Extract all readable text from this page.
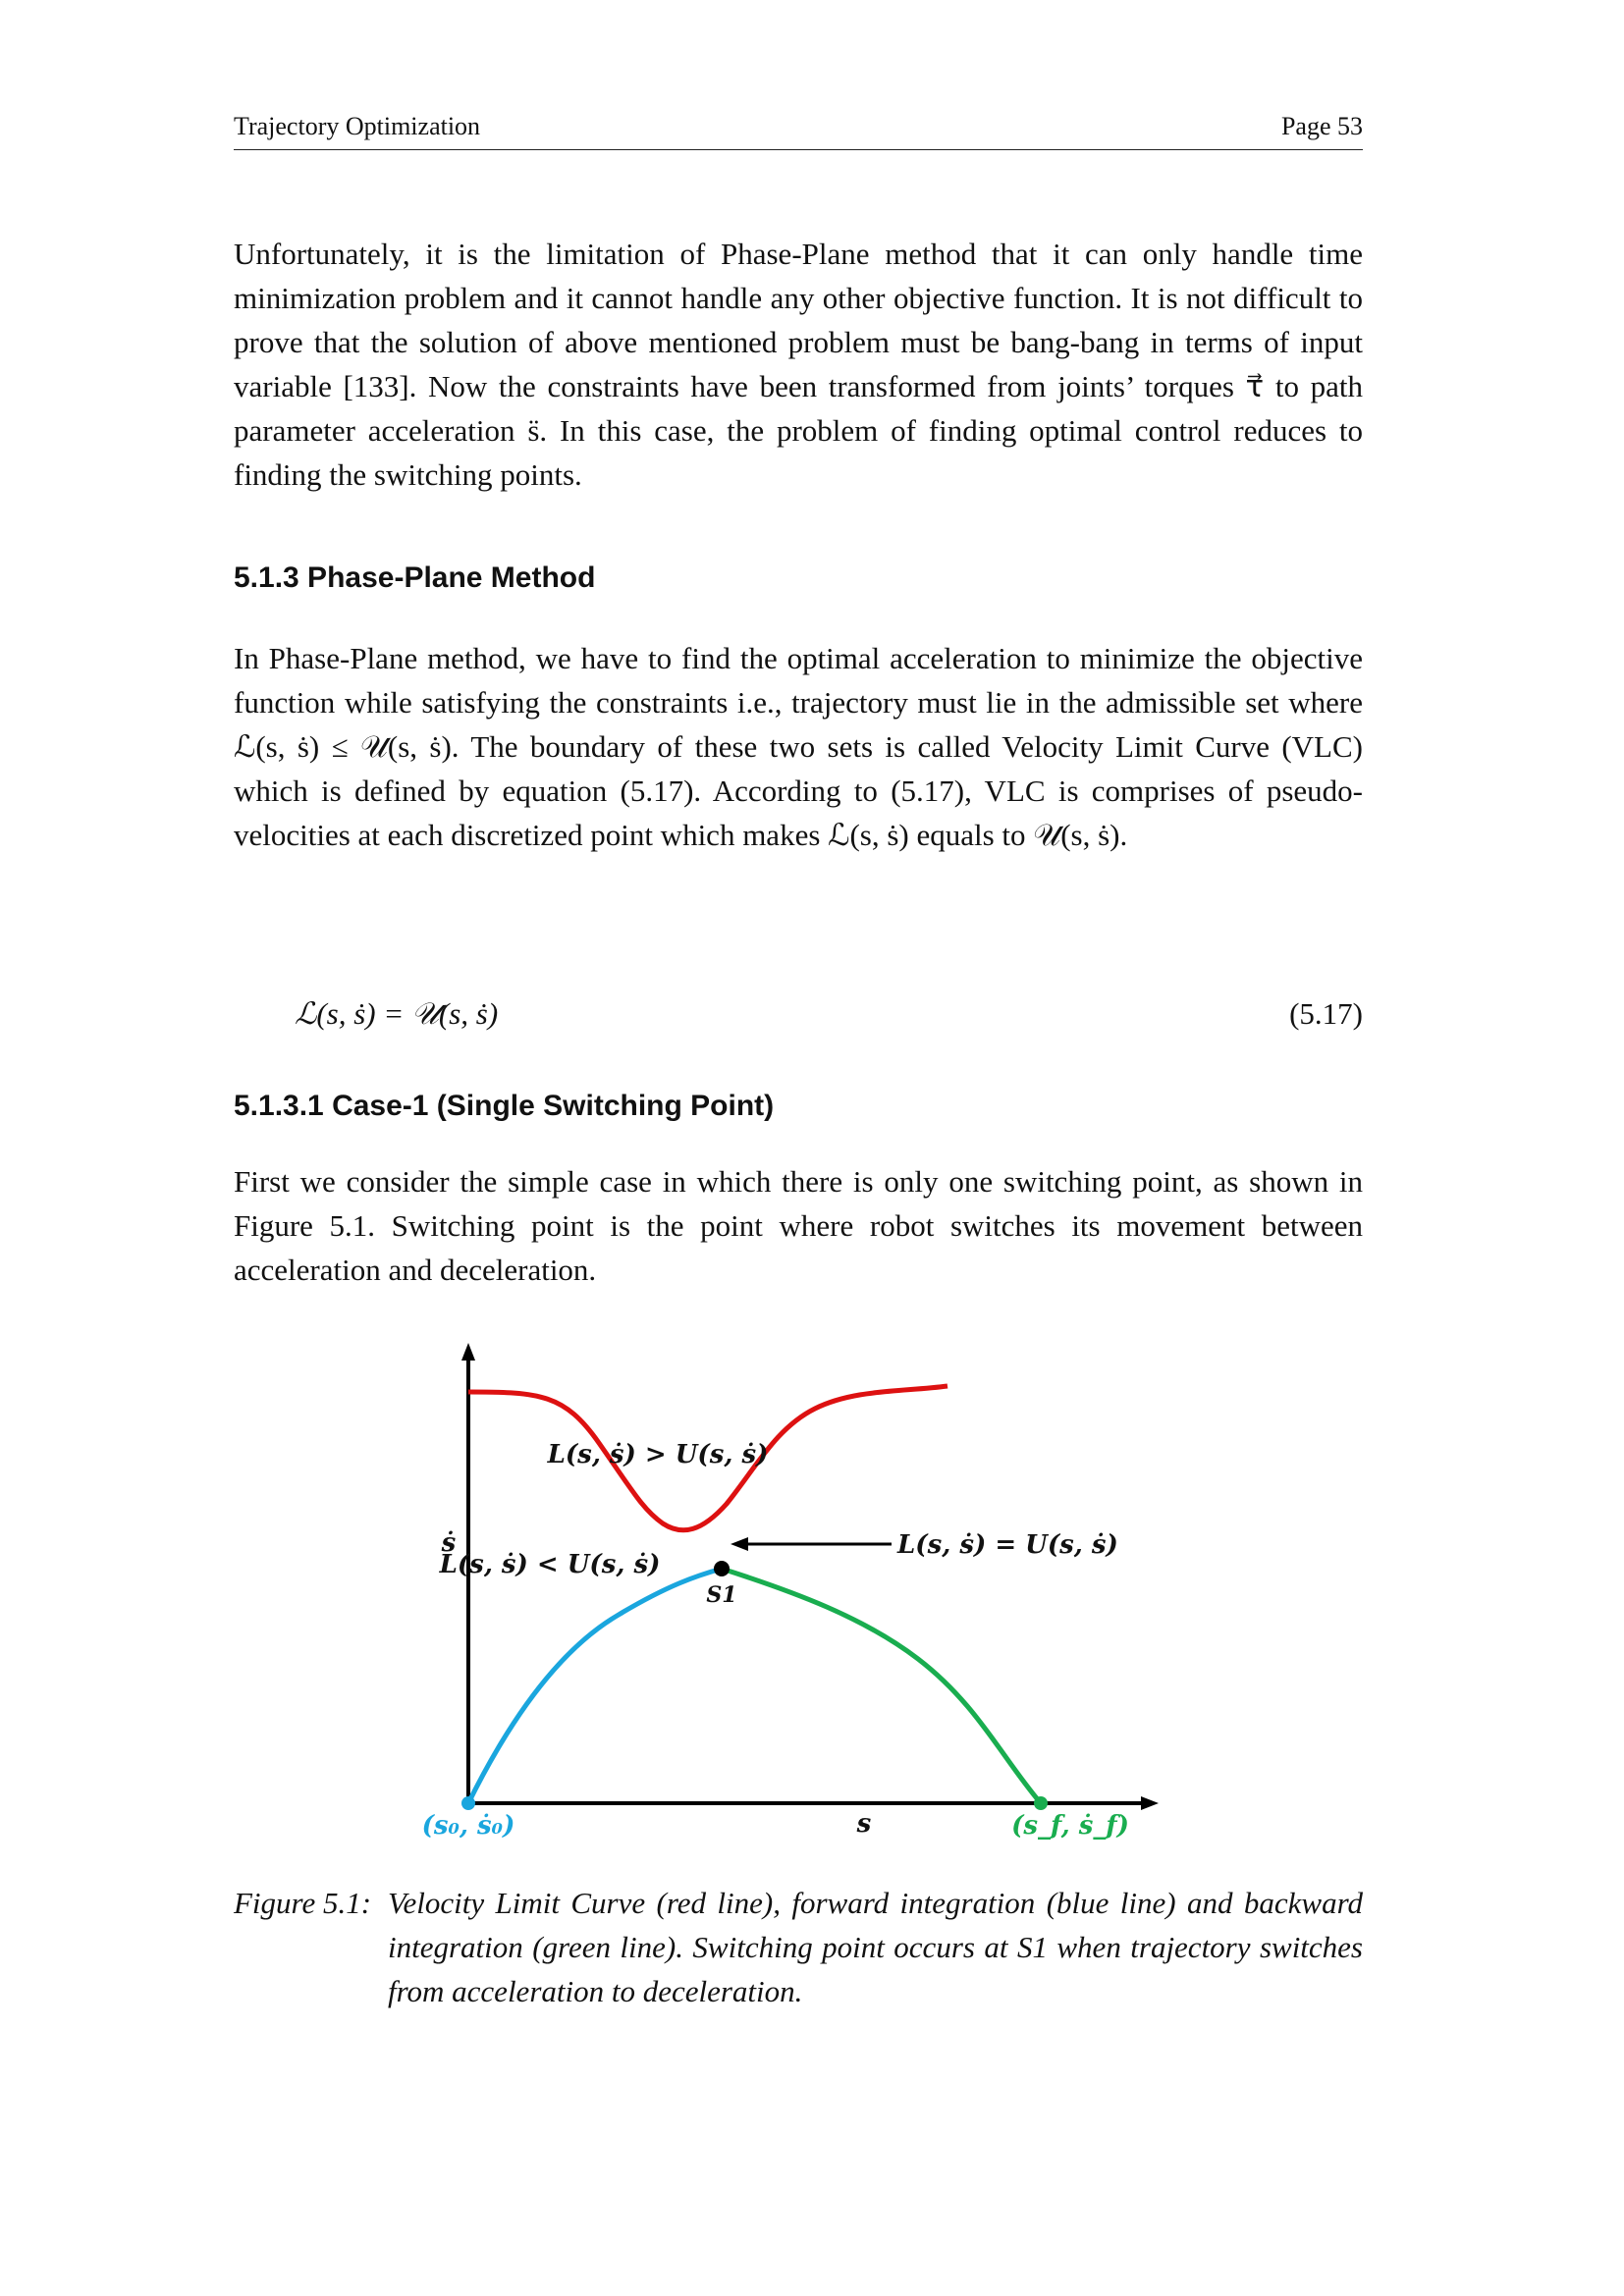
Trajectory Optimization	Page 53

Unfortunately, it is the limitation of Phase-Plane method that it can only handle time minimization problem and it cannot handle any other objective function. It is not difficult to prove that the solution of above mentioned problem must be bang-bang in terms of input variable [133]. Now the constraints have been transformed from joints’ torques τ⃗ to path parameter acceleration s̈. In this case, the problem of finding optimal control reduces to finding the switching points.

5.1.3 Phase-Plane Method

In Phase-Plane method, we have to find the optimal acceleration to minimize the objective function while satisfying the constraints i.e., trajectory must lie in the admissible set where ℒ(s, ṡ) ≤ 𝒰(s, ṡ). The boundary of these two sets is called Velocity Limit Curve (VLC) which is defined by equation (5.17). According to (5.17), VLC is comprises of pseudo-velocities at each discretized point which makes ℒ(s, ṡ) equals to 𝒰(s, ṡ).

ℒ(s, ṡ) = 𝒰(s, ṡ)	(5.17)
5.1.3.1 Case-1 (Single Switching Point)

First we consider the simple case in which there is only one switching point, as shown in Figure 5.1. Switching point is the point where robot switches its movement between acceleration and deceleration.

L(s, ṡ) > U(s, ṡ)
L(s, ṡ) = U(s, ṡ)
L(s, ṡ) < U(s, ṡ)
ṡ
s
S1
(s₀, ṡ₀)	(s_f, ṡ_f)
Figure 5.1: Velocity Limit Curve (red line), forward integration (blue line) and backward integration (green line). Switching point occurs at S1 when trajectory switches from acceleration to deceleration.
